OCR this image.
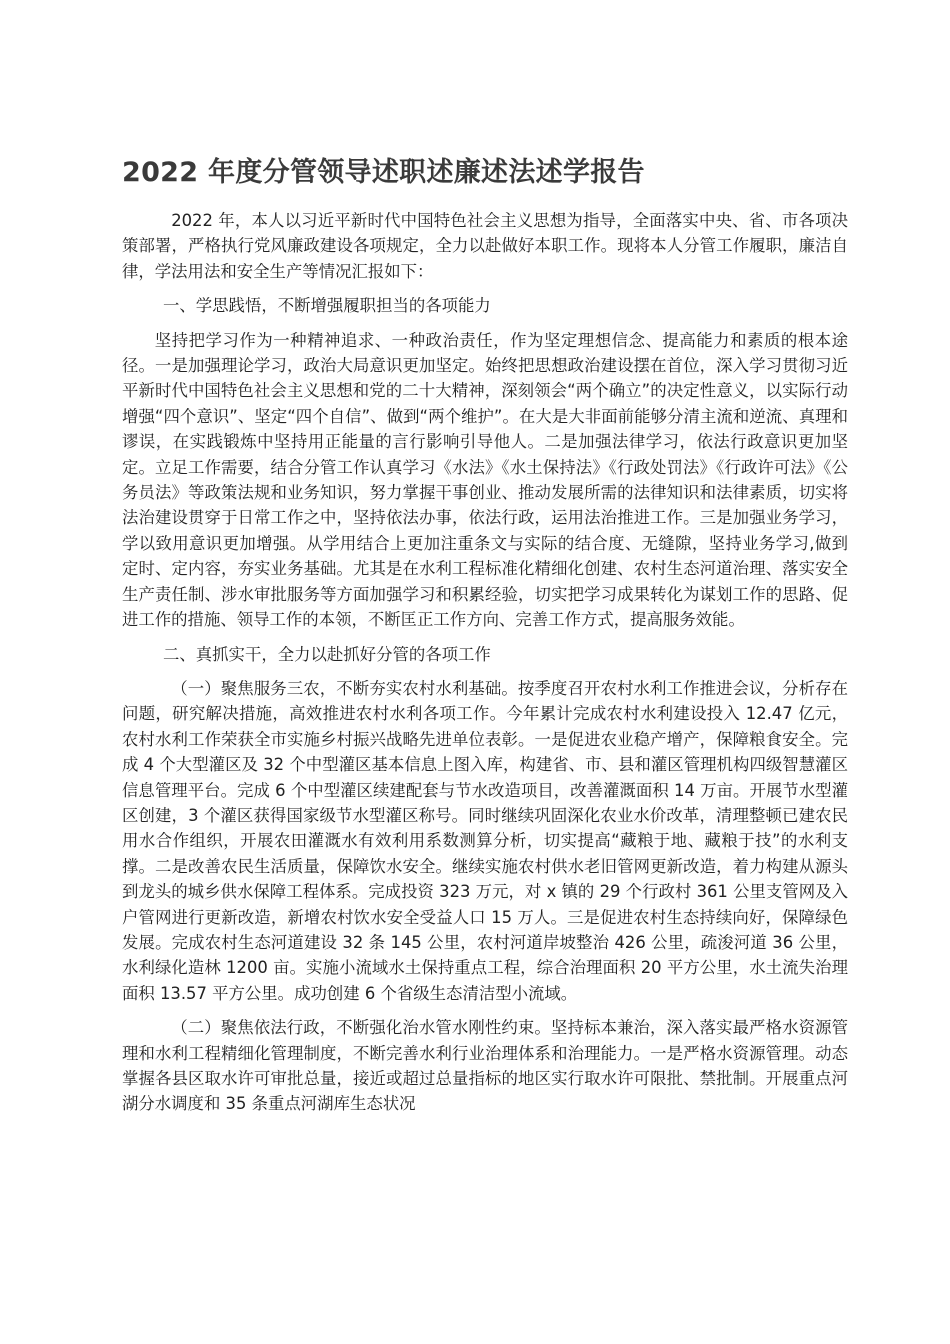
2022 年度分管领导述职述廉述法述学报告

2022 年，本人以习近平新时代中国特色社会主义思想为指导，全面落实中央、省、市各项决策部署，严格执行党风廉政建设各项规定，全力以赴做好本职工作。现将本人分管工作履职，廉洁自律，学法用法和安全生产等情况汇报如下：

一、学思践悟，不断增强履职担当的各项能力

坚持把学习作为一种精神追求、一种政治责任，作为坚定理想信念、提高能力和素质的根本途径。一是加强理论学习，政治大局意识更加坚定。始终把思想政治建设摆在首位，深入学习贯彻习近平新时代中国特色社会主义思想和党的二十大精神，深刻领会“两个确立”的决定性意义，以实际行动增强“四个意识”、坚定“四个自信”、做到“两个维护”。在大是大非面前能够分清主流和逆流、真理和谬误，在实践锻炼中坚持用正能量的言行影响引导他人。二是加强法律学习，依法行政意识更加坚定。立足工作需要，结合分管工作认真学习《水法》《水土保持法》《行政处罚法》《行政许可法》《公务员法》等政策法规和业务知识，努力掌握干事创业、推动发展所需的法律知识和法律素质，切实将法治建设贯穿于日常工作之中，坚持依法办事，依法行政，运用法治推进工作。三是加强业务学习，学以致用意识更加增强。从学用结合上更加注重条文与实际的结合度、无缝隙，坚持业务学习,做到定时、定内容，夯实业务基础。尤其是在水利工程标准化精细化创建、农村生态河道治理、落实安全生产责任制、涉水审批服务等方面加强学习和积累经验，切实把学习成果转化为谋划工作的思路、促进工作的措施、领导工作的本领，不断匡正工作方向、完善工作方式，提高服务效能。

二、真抓实干，全力以赴抓好分管的各项工作

（一）聚焦服务三农，不断夯实农村水利基础。按季度召开农村水利工作推进会议，分析存在问题，研究解决措施，高效推进农村水利各项工作。今年累计完成农村水利建设投入 12.47 亿元，农村水利工作荣获全市实施乡村振兴战略先进单位表彰。一是促进农业稳产增产，保障粮食安全。完成 4 个大型灌区及 32 个中型灌区基本信息上图入库，构建省、市、县和灌区管理机构四级智慧灌区信息管理平台。完成 6 个中型灌区续建配套与节水改造项目，改善灌溉面积 14 万亩。开展节水型灌区创建，3 个灌区获得国家级节水型灌区称号。同时继续巩固深化农业水价改革，清理整顿已建农民用水合作组织，开展农田灌溉水有效利用系数测算分析，切实提高“藏粮于地、藏粮于技”的水利支撑。二是改善农民生活质量，保障饮水安全。继续实施农村供水老旧管网更新改造，着力构建从源头到龙头的城乡供水保障工程体系。完成投资 323 万元，对 x 镇的 29 个行政村 361 公里支管网及入户管网进行更新改造，新增农村饮水安全受益人口 15 万人。三是促进农村生态持续向好，保障绿色发展。完成农村生态河道建设 32 条 145 公里，农村河道岸坡整治 426 公里，疏浚河道 36 公里，水利绿化造林 1200 亩。实施小流域水土保持重点工程，综合治理面积 20 平方公里，水土流失治理面积 13.57 平方公里。成功创建 6 个省级生态清洁型小流域。

（二）聚焦依法行政，不断强化治水管水刚性约束。坚持标本兼治，深入落实最严格水资源管理和水利工程精细化管理制度，不断完善水利行业治理体系和治理能力。一是严格水资源管理。动态掌握各县区取水许可审批总量，接近或超过总量指标的地区实行取水许可限批、禁批制。开展重点河湖分水调度和 35 条重点河湖库生态状况
